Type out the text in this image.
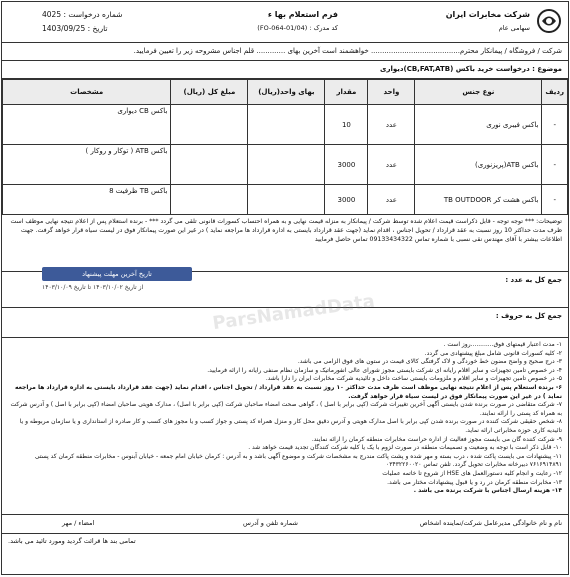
شرکت مخابرات ایران
سهامی عام
فرم استعلام بها ء
کد مدرک : (FO-064-01/04)
شماره درخواست : 4025
تاریخ : 1403/09/25
شرکت / فروشگاه / پیمانکار محترم........................................ خواهشمند است آخرین بهای ............. قلم اجناس مشروحه زیر را تعیین فرمایید.
موضوع : درخواست خرید باکس (CB,FAT,ATB)دیواری
ردیف	نوع جنس	واحد	مقدار	بهای واحد(ریال)	مبلغ کل (ریال)	مشخصات
-	باکس فیبری نوری	عدد	10			باکس CB دیواری
-	باکس ATB(پریزنوری)	عدد	3000			باکس ATB ( توکار و روکار )
-	باکس هشت کر TB OUTDOOR	عدد	3000			باکس TB ظرفیت 8
توضیحات: *** توجه توجه - قابل ذکراست قیمت اعلام شده توسط شرکت / پیمانکار به منزله قیمت نهایی و به همراه احتساب کسورات قانونی تلقی می گردد *** - برنده استعلام پس از اعلام نتیجه نهایی موظف است ظرف مدت حداکثر 10 روز نسبت به عقد قرارداد / تحویل اجناس ، اقدام نماید (جهت عقد قرارداد بایستی به اداره قرارداد ها مراجعه نماید ) در غیر این صورت پیمانکار فوق در لیست سیاه قرار خواهد گرفت. جهت اطلاعات بیشتر با آقای مهندس نقی نسبی با شماره تماس 09133434322 تماس حاصل فرمایید
تاریخ آخرین مهلت پیشنهاد
از تاریخ ۱۴۰۳/۱۰/۰۲ تا تاریخ ۱۴۰۳/۱۰/۰۹
جمع کل به عدد :
جمع کل به حروف :

۱- مدت اعتبار قیمتهای فوق............روز است .

۲- کلیه کسورات قانونی شامل مبلغ پیشنهادی می گردد.

۳- درج صحیح و واضح مضون خط خوردگی و لاک گرفتگی کالای قیمت در ستون های فوق الزامی می باشد.

۴- در خصوص تامین تجهیزات و سایر اقلام رایانه ای شرکت بایستی مجوز شورای عالی انفورماتیک و سازمان نظام صنفی رایانه را ارائه فرمایید.

۵- در خصوص تامین تجهیزات و سایر اقلام و ملزومات بایستی ساخت داخل و تائیدیه شرکت مخابرات ایران را دارا باشد.

۶- برنده استعلام پس از اعلام نتیجه نهایی موظف است ظرف مدت حداکثر ۱۰ روز نسبت به عقد قرارداد / تحویل اجناس ، اقدام نماید (جهت عقد قرارداد بایستی به اداره قرارداد ها مراجعه نماید ) در غیر این صورت پیمانکار فوق در لیست سیاه قرار خواهد گرفت.

۷- شرکت متقاضی در صورت برنده شدن بایستی آگهی آخرین تغییرات شرکت (کپی برابر با اصل ) ، گواهی صحت امضاء صاحبان شرکت (کپی برابر با اصل) ، مدارک هویتی صاحبان امضاء (کپی برابر با اصل ) و آدرس شرکت به همراه کد پستی را ارائه نمایند.

۸- شخص حقیقی شرکت کننده در صورت برنده شدن کپی برابر با اصل مدارک هویتی و آدرس دقیق محل کار و منزل همراه کد پستی و جواز کسب و یا مجوز های کسب و کار صادره از استانداری و یا سازمان مربوطه و یا تائیدیه کاری حوزه مخابراتی ارائه نماید.

۹- شرکت کننده گان می بایست مجوز فعالیت از اداره حراست مخابرات منطقه کرمان را ارائه نمایند.

۱۰- قابل ذکر است با توجه به وضعیت و تصمیمات منطقه در صورت لزوم با یک یا کلیه شرکت کنندگان تجدید قیمت خواهد شد .

۱۱- پیشنهادات می بایست پاکت شده ، درب بسته و مهر شده و پشت پاکت مندرج به مشخصات شرکت و موضوع آگهی باشد و به آدرس : کرمان خیابان امام جمعه - خیابان آبنوس - مخابرات منطقه کرمان کد پستی ۷۶۱۶۹۱۴۸۹۱ دبیرخانه مخابرات تحویل گردد. تلفن تماس ۰۳۴۳۲۲۶۰۰۲۰

۱۲- رعایت و انجام کلیه دستورالعمل های HSE از شروع تا خاتمه عملیات

۱۳- مخابرات منطقه کرمان در رد و یا قبول پیشنهادات مختار می باشد.

۱۴- هزینه ارسال اجناس با شرکت برنده می باشد .

نام و نام خانوادگی مدیرعامل شرکت/نماینده اشخاص
شماره تلفن و آدرس
امضاء / مهر
تمامی بند ها قرائت گردید ومورد تائید می باشد.
ParsNamadData
